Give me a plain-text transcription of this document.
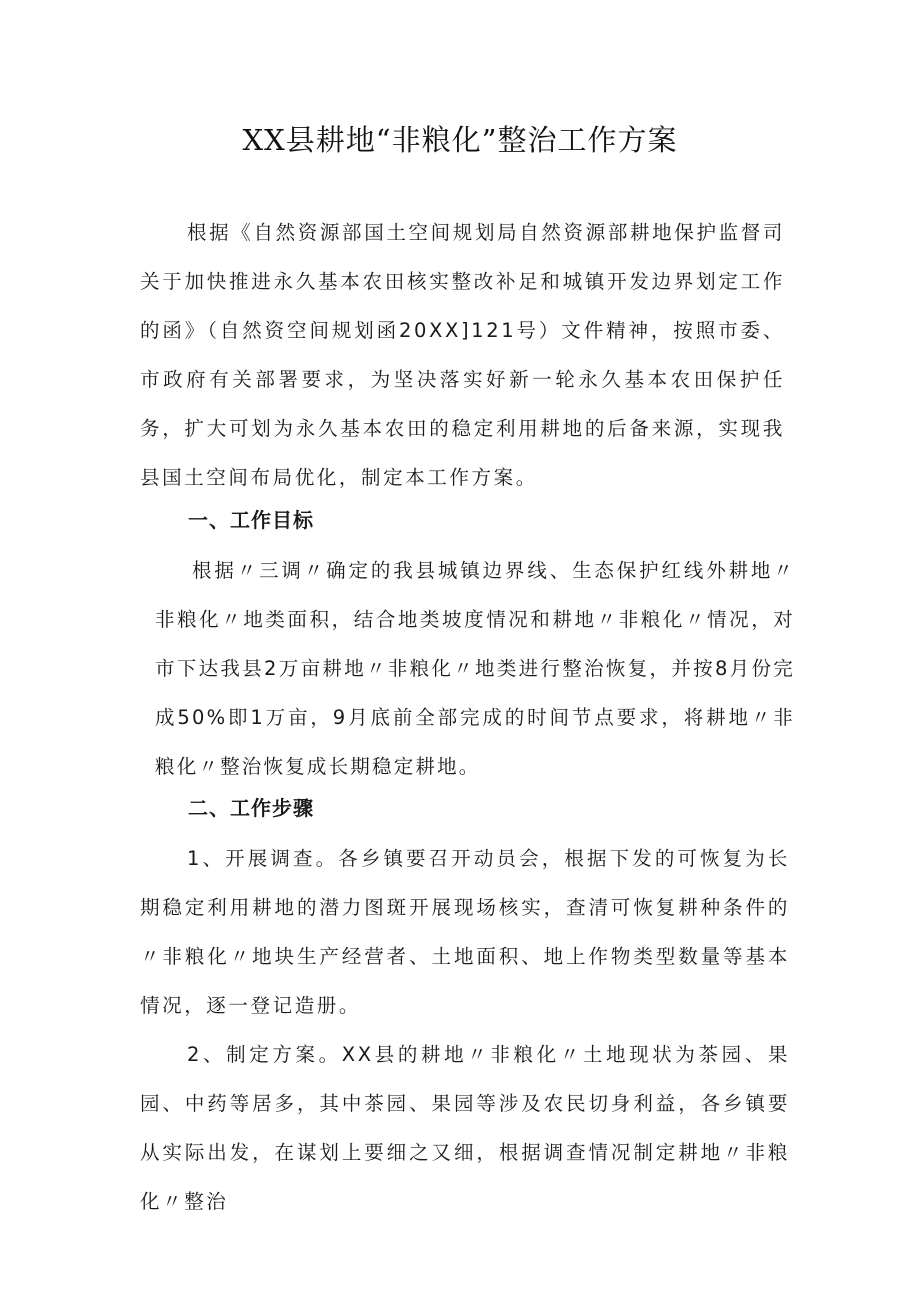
XX县耕地“非粮化”整治工作方案

根据《自然资源部国土空间规划局自然资源部耕地保护监督司关于加快推进永久基本农田核实整改补足和城镇开发边界划定工作的函》（自然资空间规划函20XX]121号）文件精神，按照市委、市政府有关部署要求，为坚决落实好新一轮永久基本农田保护任务，扩大可划为永久基本农田的稳定利用耕地的后备来源，实现我县国土空间布局优化，制定本工作方案。

一、工作目标

根据〃三调〃确定的我县城镇边界线、生态保护红线外耕地〃非粮化〃地类面积，结合地类坡度情况和耕地〃非粮化〃情况，对市下达我县2万亩耕地〃非粮化〃地类进行整治恢复，并按8月份完成50%即1万亩，9月底前全部完成的时间节点要求，将耕地〃非粮化〃整治恢复成长期稳定耕地。

二、工作步骤

1、开展调查。各乡镇要召开动员会，根据下发的可恢复为长期稳定利用耕地的潜力图斑开展现场核实，查清可恢复耕种条件的〃非粮化〃地块生产经营者、土地面积、地上作物类型数量等基本情况，逐一登记造册。

2、制定方案。XX县的耕地〃非粮化〃土地现状为茶园、果园、中药等居多，其中茶园、果园等涉及农民切身利益，各乡镇要从实际出发，在谋划上要细之又细，根据调查情况制定耕地〃非粮化〃整治
